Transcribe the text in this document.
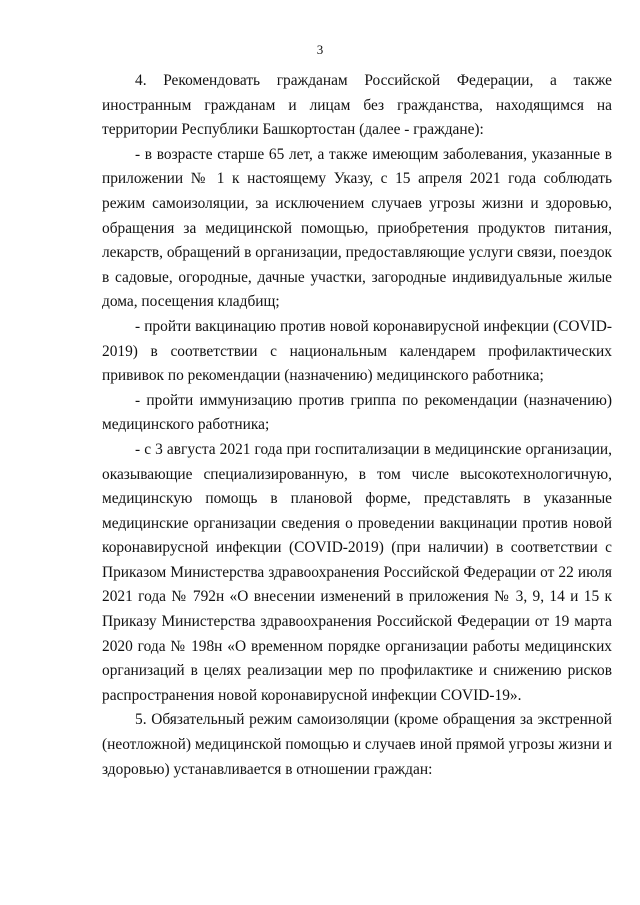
3

4. Рекомендовать гражданам Российской Федерации, а также иностранным гражданам и лицам без гражданства, находящимся на территории Республики Башкортостан (далее - граждане):

- в возрасте старше 65 лет, а также имеющим заболевания, указанные в приложении № 1 к настоящему Указу, с 15 апреля 2021 года соблюдать режим самоизоляции, за исключением случаев угрозы жизни и здоровью, обращения за медицинской помощью, приобретения продуктов питания, лекарств, обращений в организации, предоставляющие услуги связи, поездок в садовые, огородные, дачные участки, загородные индивидуальные жилые дома, посещения кладбищ;

- пройти вакцинацию против новой коронавирусной инфекции (COVID-2019) в соответствии с национальным календарем профилактических прививок по рекомендации (назначению) медицинского работника;

- пройти иммунизацию против гриппа по рекомендации (назначению) медицинского работника;

- с 3 августа 2021 года при госпитализации в медицинские организации, оказывающие специализированную, в том числе высокотехнологичную, медицинскую помощь в плановой форме, представлять в указанные медицинские организации сведения о проведении вакцинации против новой коронавирусной инфекции (COVID-2019) (при наличии) в соответствии с Приказом Министерства здравоохранения Российской Федерации от 22 июля 2021 года № 792н «О внесении изменений в приложения № 3, 9, 14 и 15 к Приказу Министерства здравоохранения Российской Федерации от 19 марта 2020 года № 198н «О временном порядке организации работы медицинских организаций в целях реализации мер по профилактике и снижению рисков распространения новой коронавирусной инфекции COVID-19».

5. Обязательный режим самоизоляции (кроме обращения за экстренной (неотложной) медицинской помощью и случаев иной прямой угрозы жизни и здоровью) устанавливается в отношении граждан:
